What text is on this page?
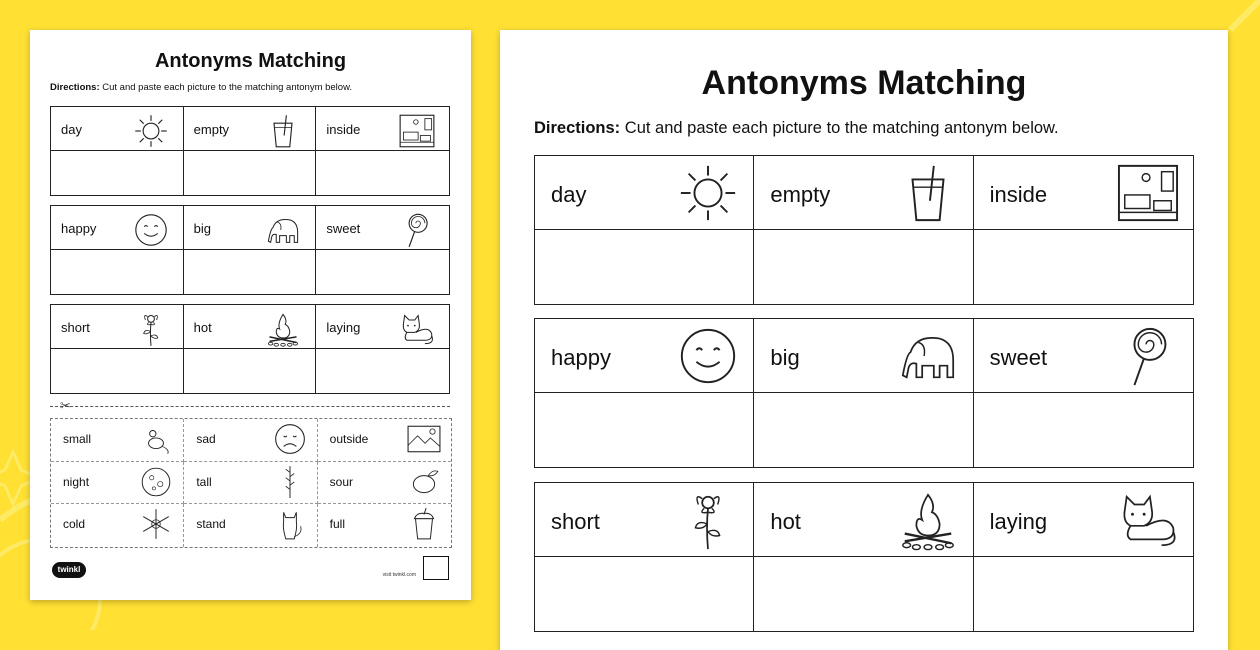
Antonyms Matching
Directions: Cut and paste each picture to the matching antonym below.
day	empty	inside
happy	big	sweet
short	hot	laying
✂
small	sad	outside
night	tall	sour
cold	stand	full
twinkl
visit twinkl.com
Antonyms Matching
Directions: Cut and paste each picture to the matching antonym below.
day	empty	inside
happy	big	sweet
short	hot	laying
